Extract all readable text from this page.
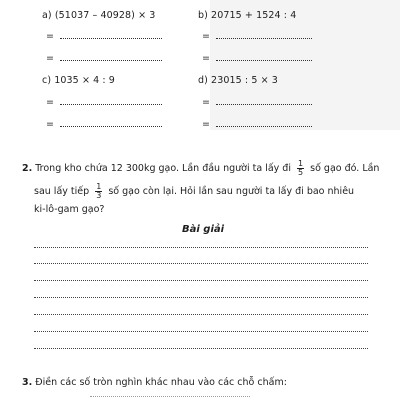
a) (51037 – 40928) × 3
=
=
b) 20715 + 1524 : 4
=
=
c) 1035 × 4 : 9
=
=
d) 23015 : 5 × 3
=
=
2. Trong kho chứa 12 300kg gạo. Lần đầu người ta lấy đi $\frac{1}{5}$ số gạo đó. Lần
sau lấy tiếp $\frac{1}{3}$ số gạo còn lại. Hỏi lần sau người ta lấy đi bao nhiêu
ki-lô-gam gạo?
Bài giải
3. Điền các số tròn nghìn khác nhau vào các chỗ chấm:
